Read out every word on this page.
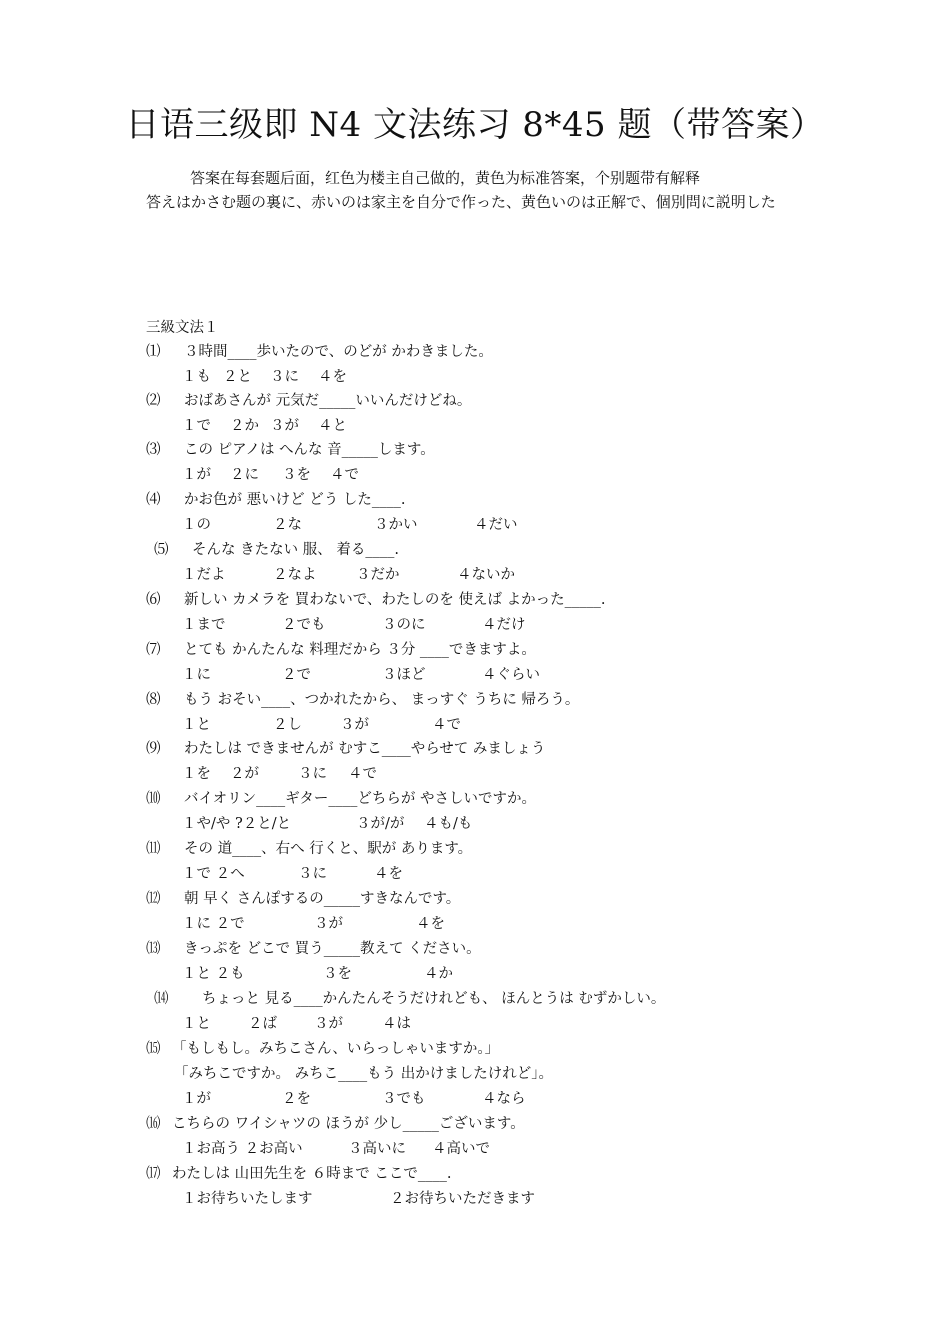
日语三级即 N4 文法练习 8*45 题（带答案）
答案在每套题后面，红色为楼主自己做的，黄色为标准答案，个别题带有解释
答えはかさむ题の裏に、赤いのは家主を自分で作った、黄色いのは正解で、個別問に説明した
三級文法１
⑴ ３時間____歩いたので、のどが かわきました。
１も ２と ３に ４を
⑵ おばあさんが 元気だ_____いいんだけどね。
１で ２か ３が ４と
⑶ この ピアノは へんな 音_____します。
１が ２に ３を ４で
⑷ かお色が 悪いけど どう した____.
１の	２な	３かい	４だい
⑸ そんな きたない 服、 着る____.
１だよ	２なよ	３だか	４ないか
⑹ 新しい カメラを 買わないで、わたしのを 使えば よかった_____.
１まで	２でも	３のに	４だけ
⑺ とても かんたんな 料理だから ３分 ____できますよ。
１に	２で	３ほど	４ぐらい
⑻ もう おそい____、つかれたから、 まっすぐ うちに 帰ろう。
１と	２し	３が	４で
⑼ わたしは できませんが むすこ____やらせて みましょう
１を ２が	３に ４で
⑽ バイオリン____ギター____どちらが やさしいですか。
１や/や ?２と/と	３が/が ４も/も
⑾ その 道____、右へ 行くと、駅が あります。
１で ２へ	３に	４を
⑿ 朝 早く さんぽするの_____すきなんです。
１に ２で	３が	４を
⒀ きっぷを どこで 買う_____教えて ください。
１と ２も	３を	４か
⒁ ちょっと 見る____かんたんそうだけれども、 ほんとうは むずかしい。
１と	２ば	３が	４は
⒂ 「もしもし。みちこさん、いらっしゃいますか。」
「みちこですか。 みちこ____もう 出かけましたけれど」。
１が	２を	３でも	４なら
⒃ こちらの ワイシャツの ほうが 少し_____ございます。
１お高う ２お高い	３高いに ４高いで
⒄ わたしは 山田先生を ６時まで ここで____.
１お待ちいたします	２お待ちいただきます
